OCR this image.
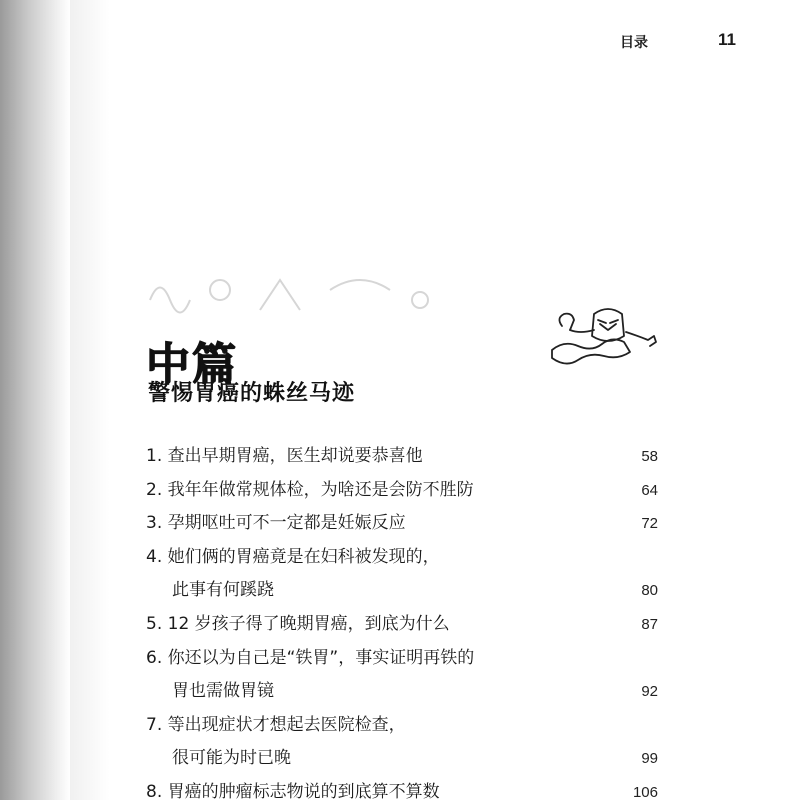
目录	11
中篇
警惕胃癌的蛛丝马迹
1. 查出早期胃癌，医生却说要恭喜他	58
2. 我年年做常规体检，为啥还是会防不胜防	64
3. 孕期呕吐可不一定都是妊娠反应	72
4. 她们俩的胃癌竟是在妇科被发现的，
此事有何蹊跷	80
5. 12 岁孩子得了晚期胃癌，到底为什么	87
6. 你还以为自己是“铁胃”，事实证明再铁的
胃也需做胃镜	92
7. 等出现症状才想起去医院检查，
很可能为时已晚	99
8. 胃癌的肿瘤标志物说的到底算不算数	106
